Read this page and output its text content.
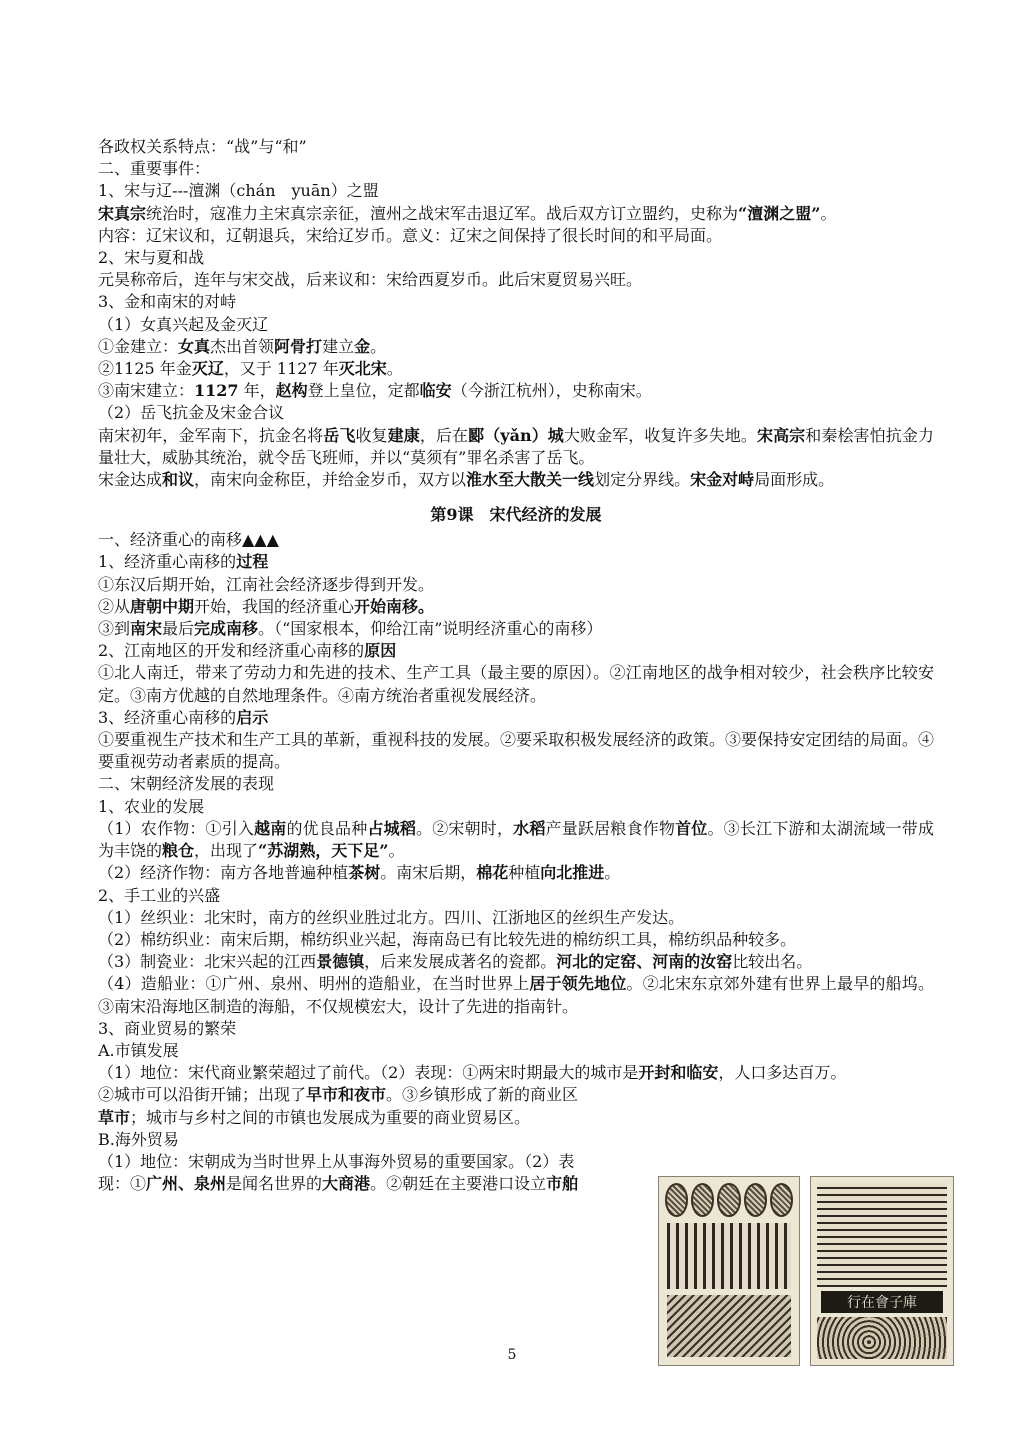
各政权关系特点：“战”与“和”
二、重要事件：
1、宋与辽---澶渊（chán　yuān）之盟
宋真宗统治时，寇准力主宋真宗亲征，澶州之战宋军击退辽军。战后双方订立盟约，史称为“澶渊之盟”。
内容：辽宋议和，辽朝退兵，宋给辽岁币。意义：辽宋之间保持了很长时间的和平局面。
2、宋与夏和战
元昊称帝后，连年与宋交战，后来议和：宋给西夏岁币。此后宋夏贸易兴旺。
3、金和南宋的对峙
（1）女真兴起及金灭辽
①金建立：女真杰出首领阿骨打建立金。
②1125 年金灭辽，又于 1127 年灭北宋。
③南宋建立：1127 年，赵构登上皇位，定都临安（今浙江杭州），史称南宋。
（2）岳飞抗金及宋金合议
南宋初年，金军南下，抗金名将岳飞收复建康，后在郾（yǎn）城大败金军，收复许多失地。宋高宗和秦桧害怕抗金力量壮大，威胁其统治，就令岳飞班师，并以“莫须有”罪名杀害了岳飞。
宋金达成和议，南宋向金称臣，并给金岁币，双方以淮水至大散关一线划定分界线。宋金对峙局面形成。
第9课　宋代经济的发展
一、经济重心的南移▲▲▲
1、经济重心南移的过程
①东汉后期开始，江南社会经济逐步得到开发。
②从唐朝中期开始，我国的经济重心开始南移。
③到南宋最后完成南移。（“国家根本，仰给江南”说明经济重心的南移）
2、江南地区的开发和经济重心南移的原因
①北人南迁，带来了劳动力和先进的技术、生产工具（最主要的原因）。②江南地区的战争相对较少，社会秩序比较安定。③南方优越的自然地理条件。④南方统治者重视发展经济。
3、经济重心南移的启示
①要重视生产技术和生产工具的革新，重视科技的发展。②要采取积极发展经济的政策。③要保持安定团结的局面。④要重视劳动者素质的提高。
二、宋朝经济发展的表现
1、农业的发展
（1）农作物：①引入越南的优良品种占城稻。②宋朝时，水稻产量跃居粮食作物首位。③长江下游和太湖流域一带成为丰饶的粮仓，出现了“苏湖熟，天下足”。
（2）经济作物：南方各地普遍种植茶树。南宋后期，棉花种植向北推进。
2、手工业的兴盛
（1）丝织业：北宋时，南方的丝织业胜过北方。四川、江浙地区的丝织生产发达。
（2）棉纺织业：南宋后期，棉纺织业兴起，海南岛已有比较先进的棉纺织工具，棉纺织品种较多。
（3）制瓷业：北宋兴起的江西景德镇，后来发展成著名的瓷都。河北的定窑、河南的汝窑比较出名。
（4）造船业：①广州、泉州、明州的造船业，在当时世界上居于领先地位。②北宋东京郊外建有世界上最早的船坞。③南宋沿海地区制造的海船，不仅规模宏大，设计了先进的指南针。
3、商业贸易的繁荣
A.市镇发展
（1）地位：宋代商业繁荣超过了前代。（2）表现：①两宋时期最大的城市是开封和临安，人口多达百万。
②城市可以沿街开铺；出现了早市和夜市。③乡镇形成了新的商业区
草市；城市与乡村之间的市镇也发展成为重要的商业贸易区。
B.海外贸易
（1）地位：宋朝成为当时世界上从事海外贸易的重要国家。（2）表
现：①广州、泉州是闻名世界的大商港。②朝廷在主要港口设立市舶
行在會子庫
5
